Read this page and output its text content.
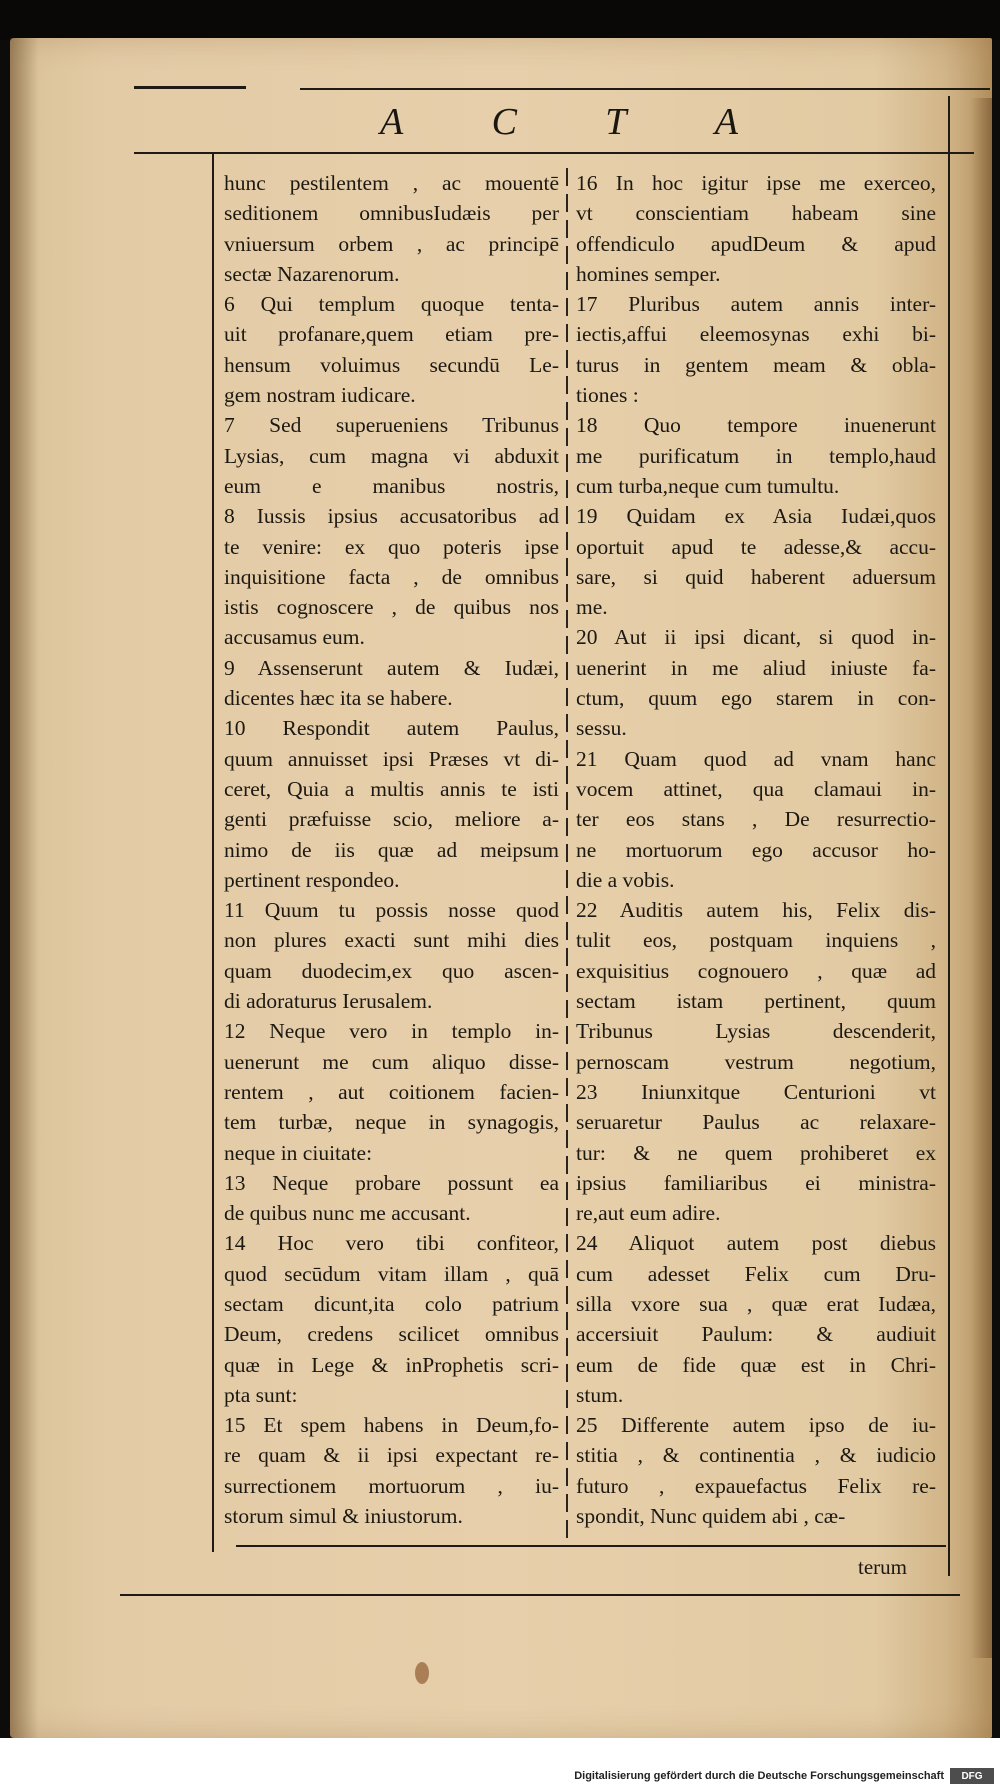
A C T A
hunc pestilentem , ac mouentē
seditionem omnibusIudæis per
vniuersum orbem , ac principē
sectæ Nazarenorum.
6 Qui templum quoque tenta-
uit profanare,quem etiam pre-
hensum voluimus secundū Le-
gem nostram iudicare.
7 Sed superueniens Tribunus
Lysias, cum magna vi abduxit
eum e manibus nostris,
8 Iussis ipsius accusatoribus ad
te venire: ex quo poteris ipse
inquisitione facta , de omnibus
istis cognoscere , de quibus nos
accusamus eum.
9 Assenserunt autem & Iudæi,
dicentes hæc ita se habere.
10 Respondit autem Paulus,
quum annuisset ipsi Præses vt di-
ceret, Quia a multis annis te isti
genti præfuisse scio, meliore a-
nimo de iis quæ ad meipsum
pertinent respondeo.
11 Quum tu possis nosse quod
non plures exacti sunt mihi dies
quam duodecim,ex quo ascen-
di adoraturus Ierusalem.
12 Neque vero in templo in-
uenerunt me cum aliquo disse-
rentem , aut coitionem facien-
tem turbæ, neque in synagogis,
neque in ciuitate:
13 Neque probare possunt ea
de quibus nunc me accusant.
14 Hoc vero tibi confiteor,
quod secūdum vitam illam , quā
sectam dicunt,ita colo patrium
Deum, credens scilicet omnibus
quæ in Lege & inProphetis scri-
pta sunt:
15 Et spem habens in Deum,fo-
re quam & ii ipsi expectant re-
surrectionem mortuorum , iu-
storum simul & iniustorum.
16 In hoc igitur ipse me exerceo,
vt conscientiam habeam sine
offendiculo apudDeum & apud
homines semper.
17 Pluribus autem annis inter-
iectis,affui eleemosynas exhi bi-
turus in gentem meam & obla-
tiones :
18 Quo tempore inuenerunt
me purificatum in templo,haud
cum turba,neque cum tumultu.
19 Quidam ex Asia Iudæi,quos
oportuit apud te adesse,& accu-
sare, si quid haberent aduersum
me.
20 Aut ii ipsi dicant, si quod in-
uenerint in me aliud iniuste fa-
ctum, quum ego starem in con-
sessu.
21 Quam quod ad vnam hanc
vocem attinet, qua clamaui in-
ter eos stans , De resurrectio-
ne mortuorum ego accusor ho-
die a vobis.
22 Auditis autem his, Felix dis-
tulit eos, postquam inquiens ,
exquisitius cognouero , quæ ad
sectam istam pertinent, quum
Tribunus Lysias descenderit,
pernoscam vestrum negotium,
23 Iniunxitque Centurioni vt
seruaretur Paulus ac relaxare-
tur: & ne quem prohiberet ex
ipsius familiaribus ei ministra-
re,aut eum adire.
24 Aliquot autem post diebus
cum adesset Felix cum Dru-
silla vxore sua , quæ erat Iudæa,
accersiuit Paulum: & audiuit
eum de fide quæ est in Chri-
stum.
25 Differente autem ipso de iu-
stitia , & continentia , & iudicio
futuro , expauefactus Felix re-
spondit, Nunc quidem abi , cæ-
terum
Digitalisierung gefördert durch die Deutsche Forschungsgemeinschaft	DFG
